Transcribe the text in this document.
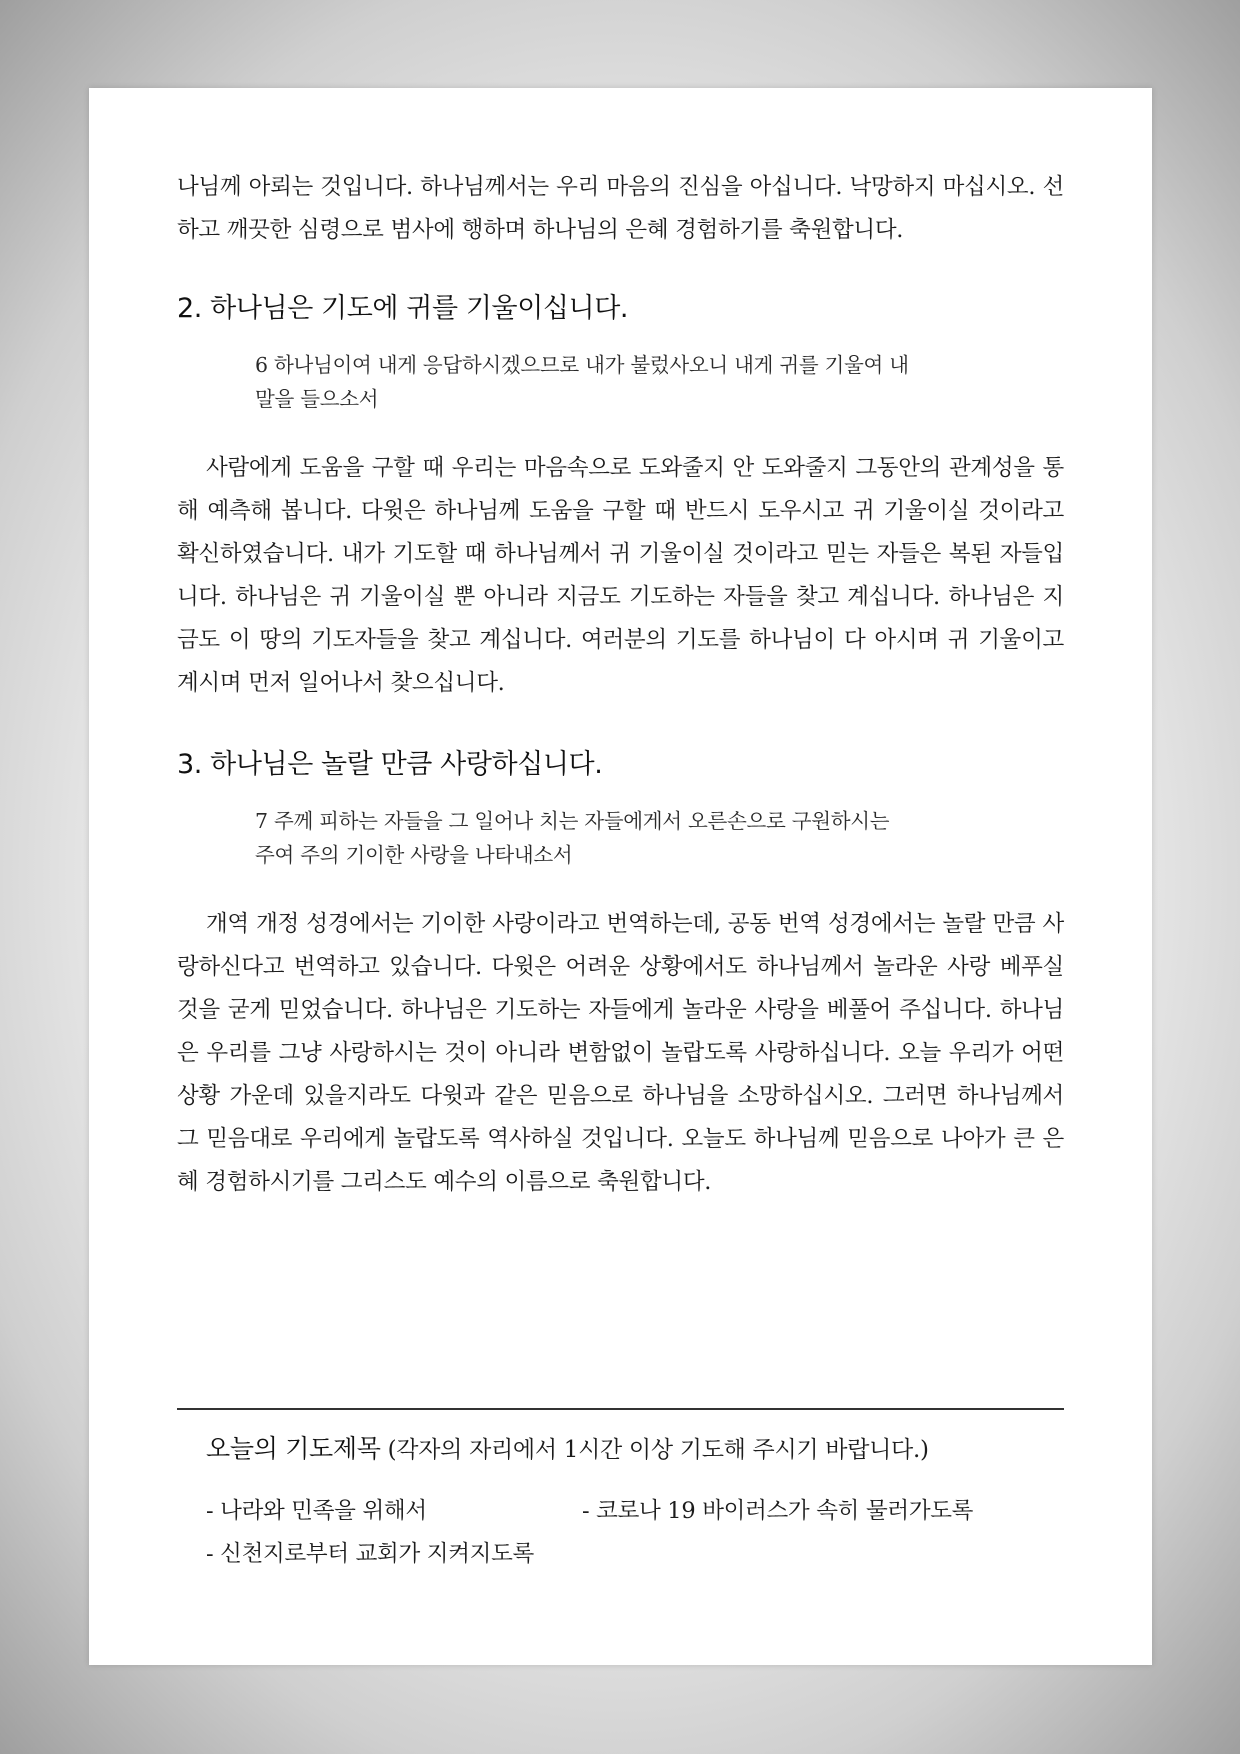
나님께 아뢰는 것입니다. 하나님께서는 우리 마음의 진심을 아십니다. 낙망하지 마십시오. 선하고 깨끗한 심령으로 범사에 행하며 하나님의 은혜 경험하기를 축원합니다.

2. 하나님은 기도에 귀를 기울이십니다.

6 하나님이여 내게 응답하시겠으므로 내가 불렀사오니 내게 귀를 기울여 내

말을 들으소서

사람에게 도움을 구할 때 우리는 마음속으로 도와줄지 안 도와줄지 그동안의 관계성을 통해 예측해 봅니다. 다윗은 하나님께 도움을 구할 때 반드시 도우시고 귀 기울이실 것이라고 확신하였습니다. 내가 기도할 때 하나님께서 귀 기울이실 것이라고 믿는 자들은 복된 자들입니다. 하나님은 귀 기울이실 뿐 아니라 지금도 기도하는 자들을 찾고 계십니다. 하나님은 지금도 이 땅의 기도자들을 찾고 계십니다. 여러분의 기도를 하나님이 다 아시며 귀 기울이고 계시며 먼저 일어나서 찾으십니다.

3. 하나님은 놀랄 만큼 사랑하십니다.

7 주께 피하는 자들을 그 일어나 치는 자들에게서 오른손으로 구원하시는

주여 주의 기이한 사랑을 나타내소서

개역 개정 성경에서는 기이한 사랑이라고 번역하는데, 공동 번역 성경에서는 놀랄 만큼 사랑하신다고 번역하고 있습니다. 다윗은 어려운 상황에서도 하나님께서 놀라운 사랑 베푸실 것을 굳게 믿었습니다. 하나님은 기도하는 자들에게 놀라운 사랑을 베풀어 주십니다. 하나님은 우리를 그냥 사랑하시는 것이 아니라 변함없이 놀랍도록 사랑하십니다. 오늘 우리가 어떤 상황 가운데 있을지라도 다윗과 같은 믿음으로 하나님을 소망하십시오. 그러면 하나님께서 그 믿음대로 우리에게 놀랍도록 역사하실 것입니다. 오늘도 하나님께 믿음으로 나아가 큰 은혜 경험하시기를 그리스도 예수의 이름으로 축원합니다.

오늘의 기도제목 (각자의 자리에서 1시간 이상 기도해 주시기 바랍니다.)

- 나라와 민족을 위해서	- 코로나 19 바이러스가 속히 물러가도록
- 신천지로부터 교회가 지켜지도록
